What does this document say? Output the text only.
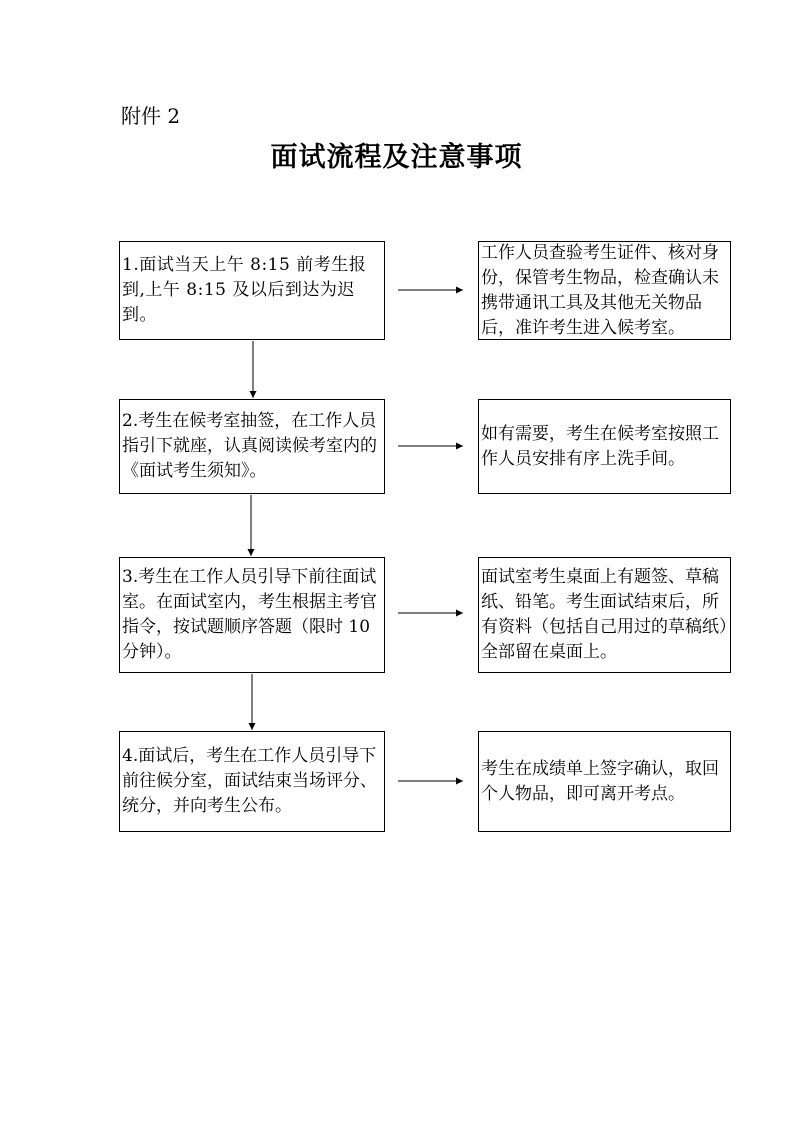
附件 2
面试流程及注意事项
1.面试当天上午 8:15 前考生报到,上午 8:15 及以后到达为迟到。
工作人员查验考生证件、核对身份，保管考生物品，检查确认未携带通讯工具及其他无关物品后，准许考生进入候考室。
2.考生在候考室抽签，在工作人员指引下就座，认真阅读候考室内的《面试考生须知》。
如有需要，考生在候考室按照工作人员安排有序上洗手间。
3.考生在工作人员引导下前往面试室。在面试室内，考生根据主考官指令，按试题顺序答题（限时 10 分钟）。
面试室考生桌面上有题签、草稿纸、铅笔。考生面试结束后，所有资料（包括自己用过的草稿纸）全部留在桌面上。
4.面试后，考生在工作人员引导下前往候分室，面试结束当场评分、统分，并向考生公布。
考生在成绩单上签字确认，取回个人物品，即可离开考点。
